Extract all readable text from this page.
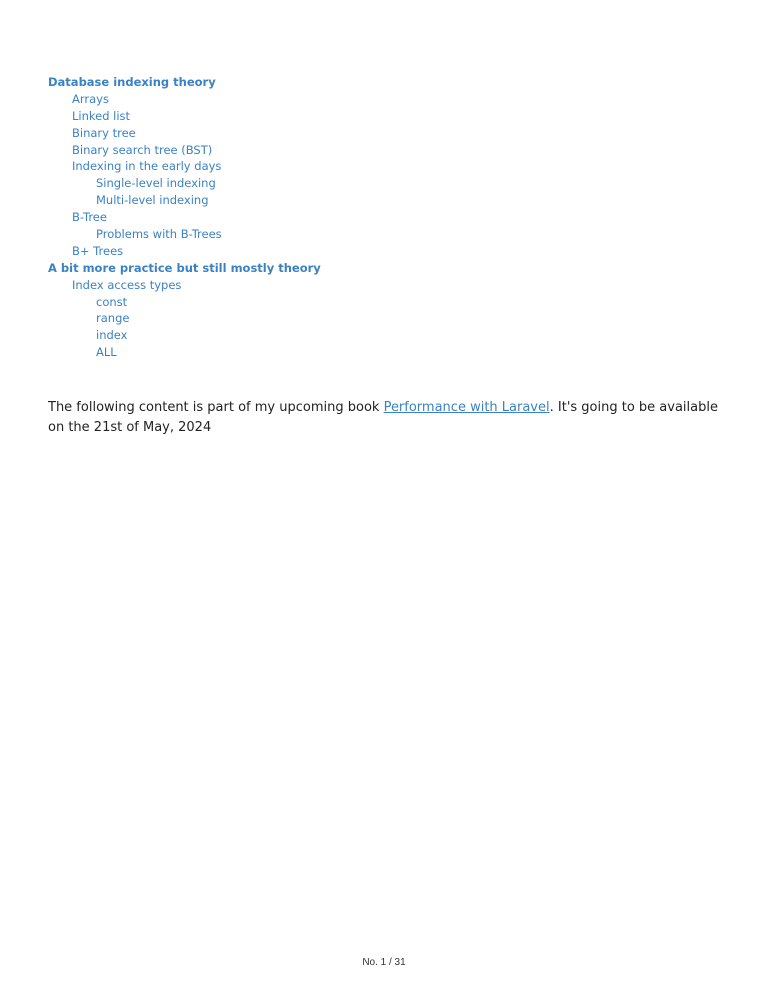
Database indexing theory
Arrays
Linked list
Binary tree
Binary search tree (BST)
Indexing in the early days
Single-level indexing
Multi-level indexing
B-Tree
Problems with B-Trees
B+ Trees
A bit more practice but still mostly theory
Index access types
const
range
index
ALL

The following content is part of my upcoming book Performance with Laravel. It's going to be available on the 21st of May, 2024

No. 1 / 31
